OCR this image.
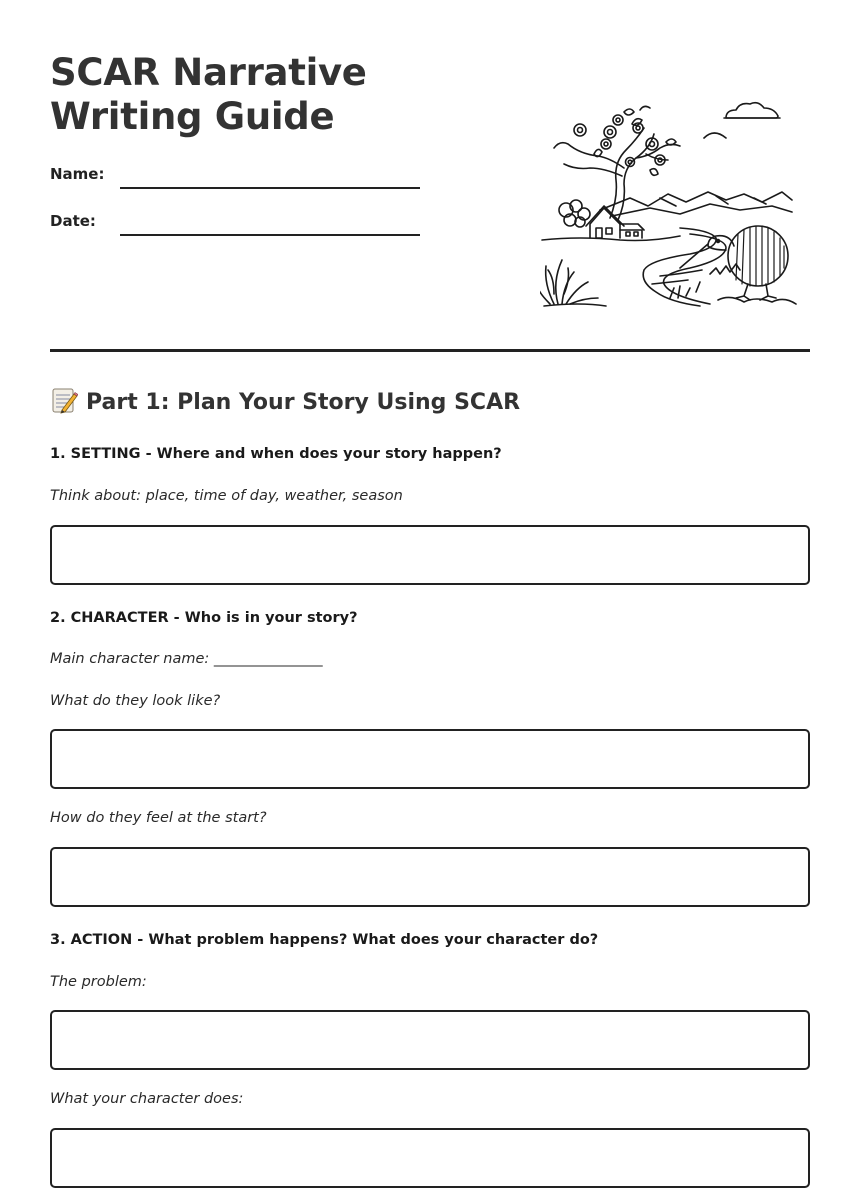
SCAR Narrative Writing Guide
Name:
Date:
Part 1: Plan Your Story Using SCAR

1. SETTING - Where and when does your story happen?

Think about: place, time of day, weather, season

2. CHARACTER - Who is in your story?

Main character name: _______________

What do they look like?

How do they feel at the start?

3. ACTION - What problem happens? What does your character do?

The problem:

What your character does:
